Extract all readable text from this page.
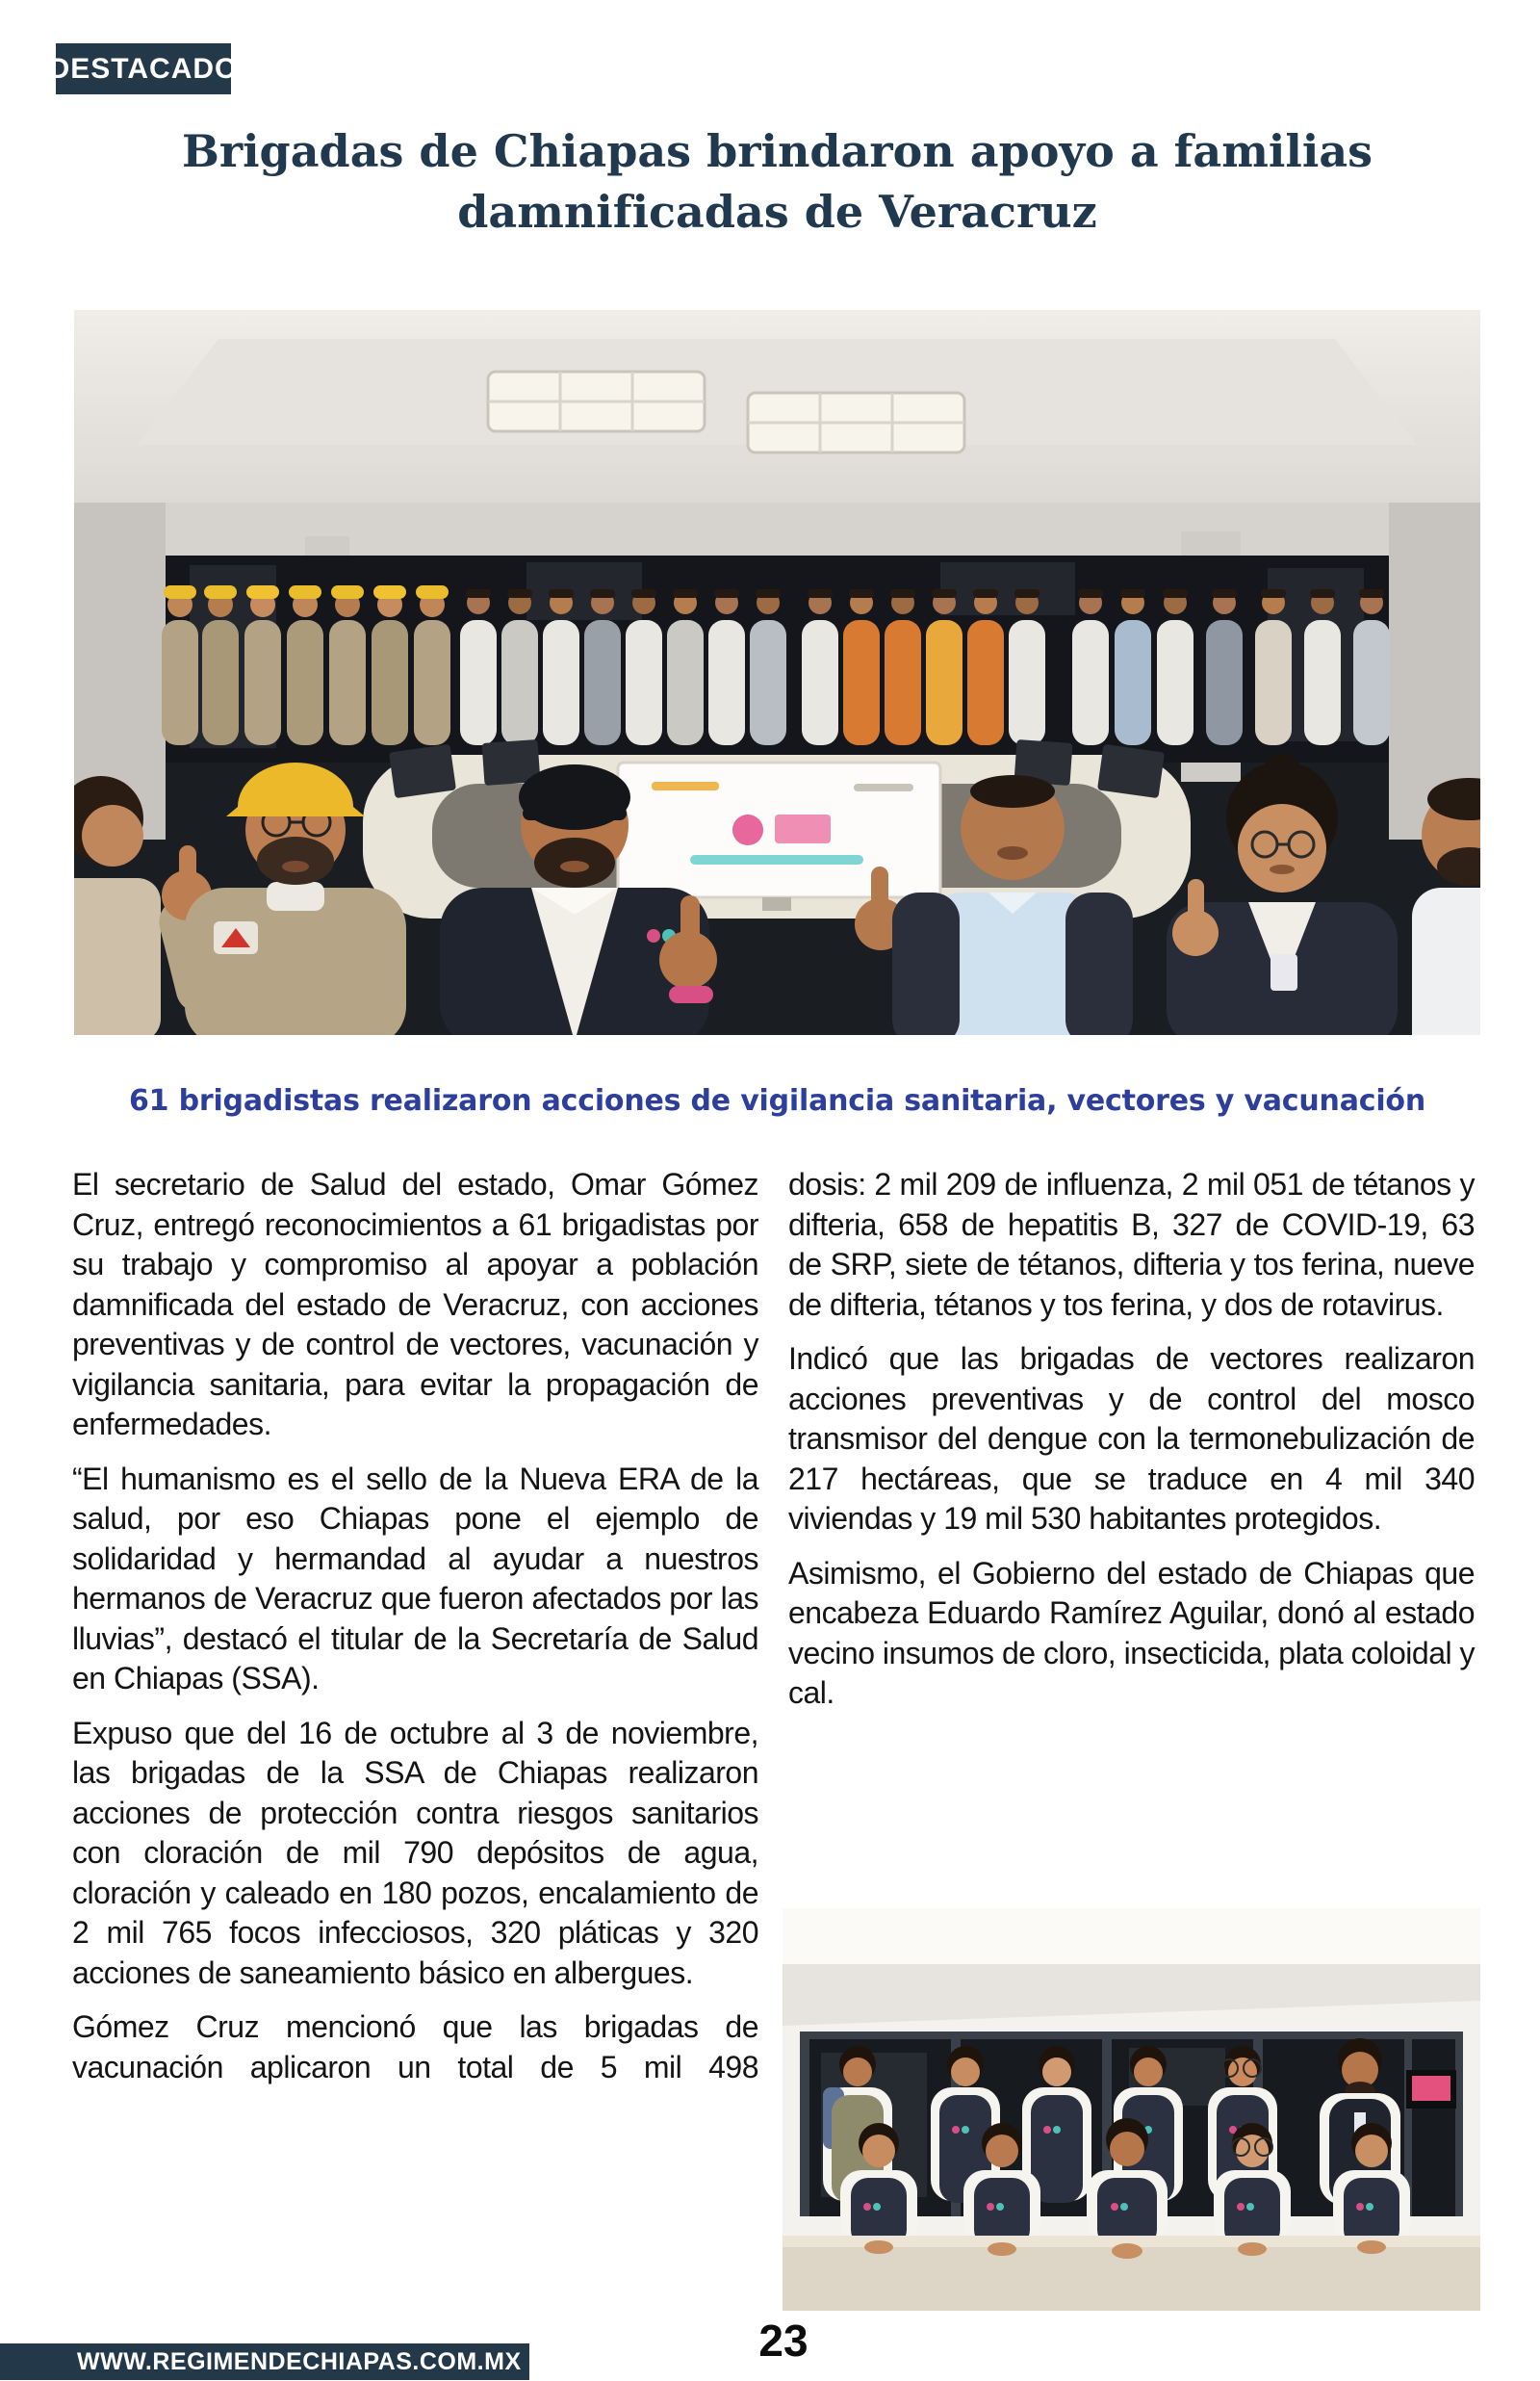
DESTACADO
Brigadas de Chiapas brindaron apoyo a familias
damnificadas de Veracruz

61 brigadistas realizaron acciones de vigilancia sanitaria, vectores y vacunación

El secretario de Salud del estado, Omar Gómez Cruz, entregó reconocimientos a 61 brigadistas por su trabajo y compromiso al apoyar a población damnificada del estado de Veracruz, con acciones preventivas y de control de vectores, vacunación y vigilancia sanitaria, para evitar la propagación de enfermedades.

“El humanismo es el sello de la Nueva ERA de la salud, por eso Chiapas pone el ejemplo de solidaridad y hermandad al ayudar a nuestros hermanos de Veracruz que fueron afectados por las lluvias”, destacó el titular de la Secretaría de Salud en Chiapas (SSA).

Expuso que del 16 de octubre al 3 de noviembre, las brigadas de la SSA de Chiapas realizaron acciones de protección contra riesgos sanitarios con cloración de mil 790 depósitos de agua, cloración y caleado en 180 pozos, encalamiento de 2 mil 765 focos infecciosos, 320 pláticas y 320 acciones de saneamiento básico en albergues.

Gómez Cruz mencionó que las brigadas de vacunación aplicaron un total de 5 mil 498

dosis: 2 mil 209 de influenza, 2 mil 051 de tétanos y difteria, 658 de hepatitis B, 327 de COVID-19, 63 de SRP, siete de tétanos, difteria y tos ferina, nueve de difteria, tétanos y tos ferina, y dos de rotavirus.

Indicó que las brigadas de vectores realizaron acciones preventivas y de control del mosco transmisor del dengue con la termonebulización de 217 hectáreas, que se traduce en 4 mil 340 viviendas y 19 mil 530 habitantes protegidos.

Asimismo, el Gobierno del estado de Chiapas que encabeza Eduardo Ramírez Aguilar, donó al estado vecino insumos de cloro, insecticida, plata coloidal y cal.

23
WWW.REGIMENDECHIAPAS.COM.MX
